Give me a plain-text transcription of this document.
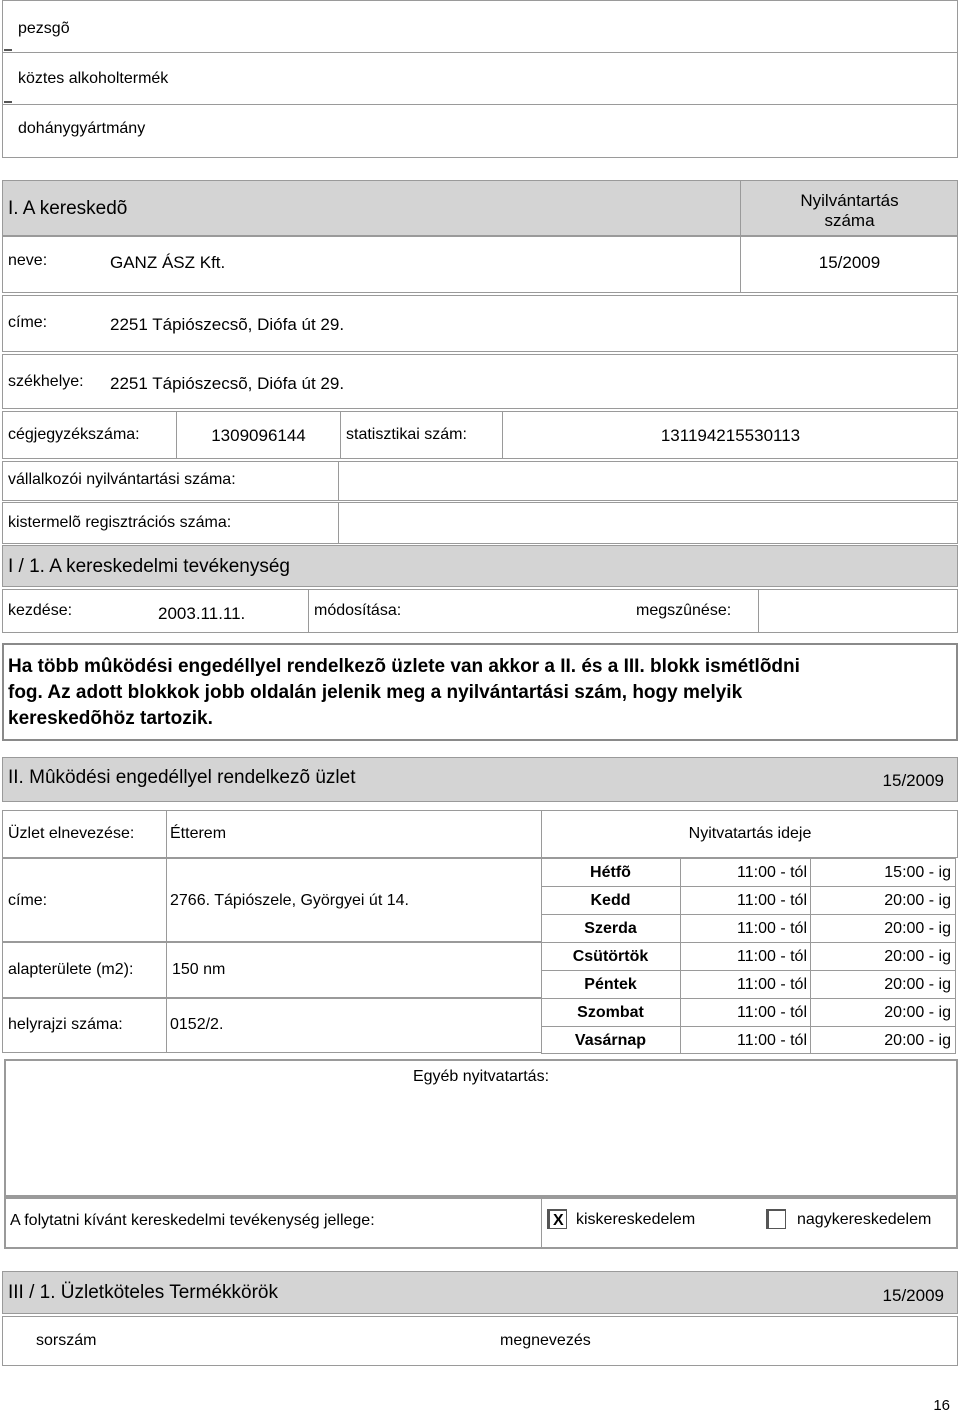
pezsgõ
köztes alkoholtermék
dohánygyártmány
I. A kereskedõ	Nyilvántartás
száma
neve:	GANZ ÁSZ Kft.	15/2009
címe:	2251 Tápiószecsõ, Diófa út 29.
székhelye: 2251 Tápiószecsõ, Diófa út 29.
cégjegyzékszáma:	1309096144	statisztikai szám:	131194215530113
vállalkozói nyilvántartási száma:
kistermelõ regisztrációs száma:
I / 1. A kereskedelmi tevékenység
kezdése:	2003.11.11.	módosítása:	megszûnése:
Ha több mûködési engedéllyel rendelkezõ üzlete van akkor a II. és a III. blokk ismétlõdni
fog. Az adott blokkok jobb oldalán jelenik meg a nyilvántartási szám, hogy melyik
kereskedõhöz tartozik.
II. Mûködési engedéllyel rendelkezõ üzlet	15/2009
Üzlet elnevezése: Étterem	Nyitvatartás ideje
címe:	2766. Tápiószele, Györgyei út 14.
alapterülete (m2): 150 nm
helyrajzi száma:	0152/2.
Hétfõ	11:00 - tól	15:00 - ig
Kedd	11:00 - tól	20:00 - ig
Szerda	11:00 - tól	20:00 - ig
Csütörtök	11:00 - tól	20:00 - ig
Péntek	11:00 - tól	20:00 - ig
Szombat	11:00 - tól	20:00 - ig
Vasárnap	11:00 - tól	20:00 - ig
Egyéb nyitvatartás:
A folytatni kívánt kereskedelmi tevékenység jellege:	X kiskereskedelem	nagykereskedelem
III / 1. Üzletköteles Termékkörök	15/2009
sorszám	megnevezés
16
